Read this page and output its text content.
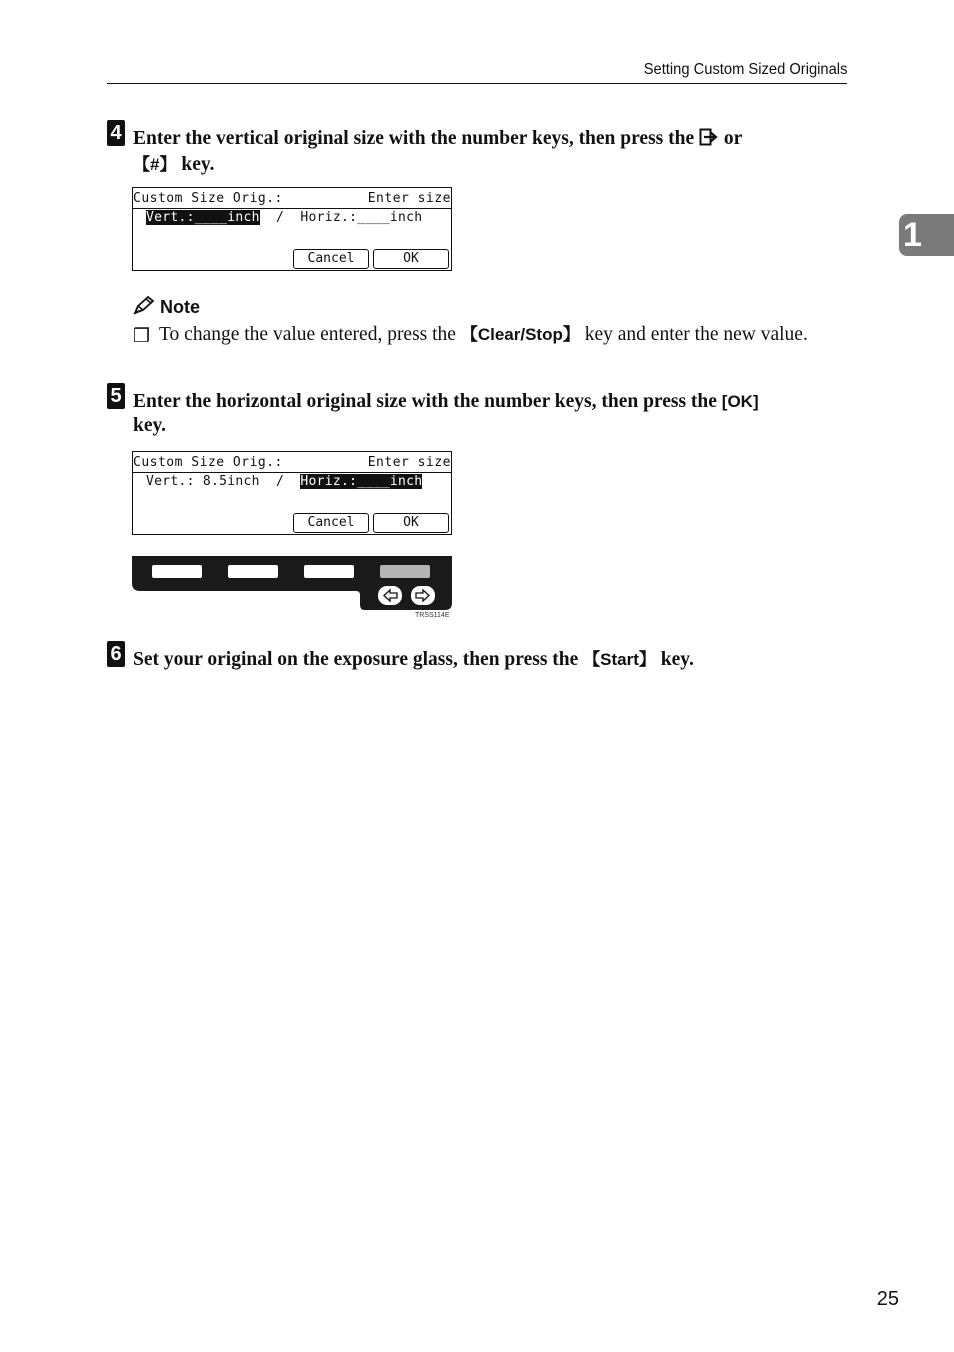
Setting Custom Sized Originals
1
4 Enter the vertical original size with the number keys, then press the or
【#】 key.
Custom Size Orig.:	Enter size
Vert.:____inch  /  Horiz.:____inch
Cancel	OK
Note
❒ To change the value entered, press the 【Clear/Stop】 key and enter the new value.
5 Enter the horizontal original size with the number keys, then press the [OK]
key.
Custom Size Orig.:	Enter size
Vert.: 8.5inch  /  Horiz.:____inch
Cancel	OK
TRSS114E
6 Set your original on the exposure glass, then press the 【Start】 key.
25
